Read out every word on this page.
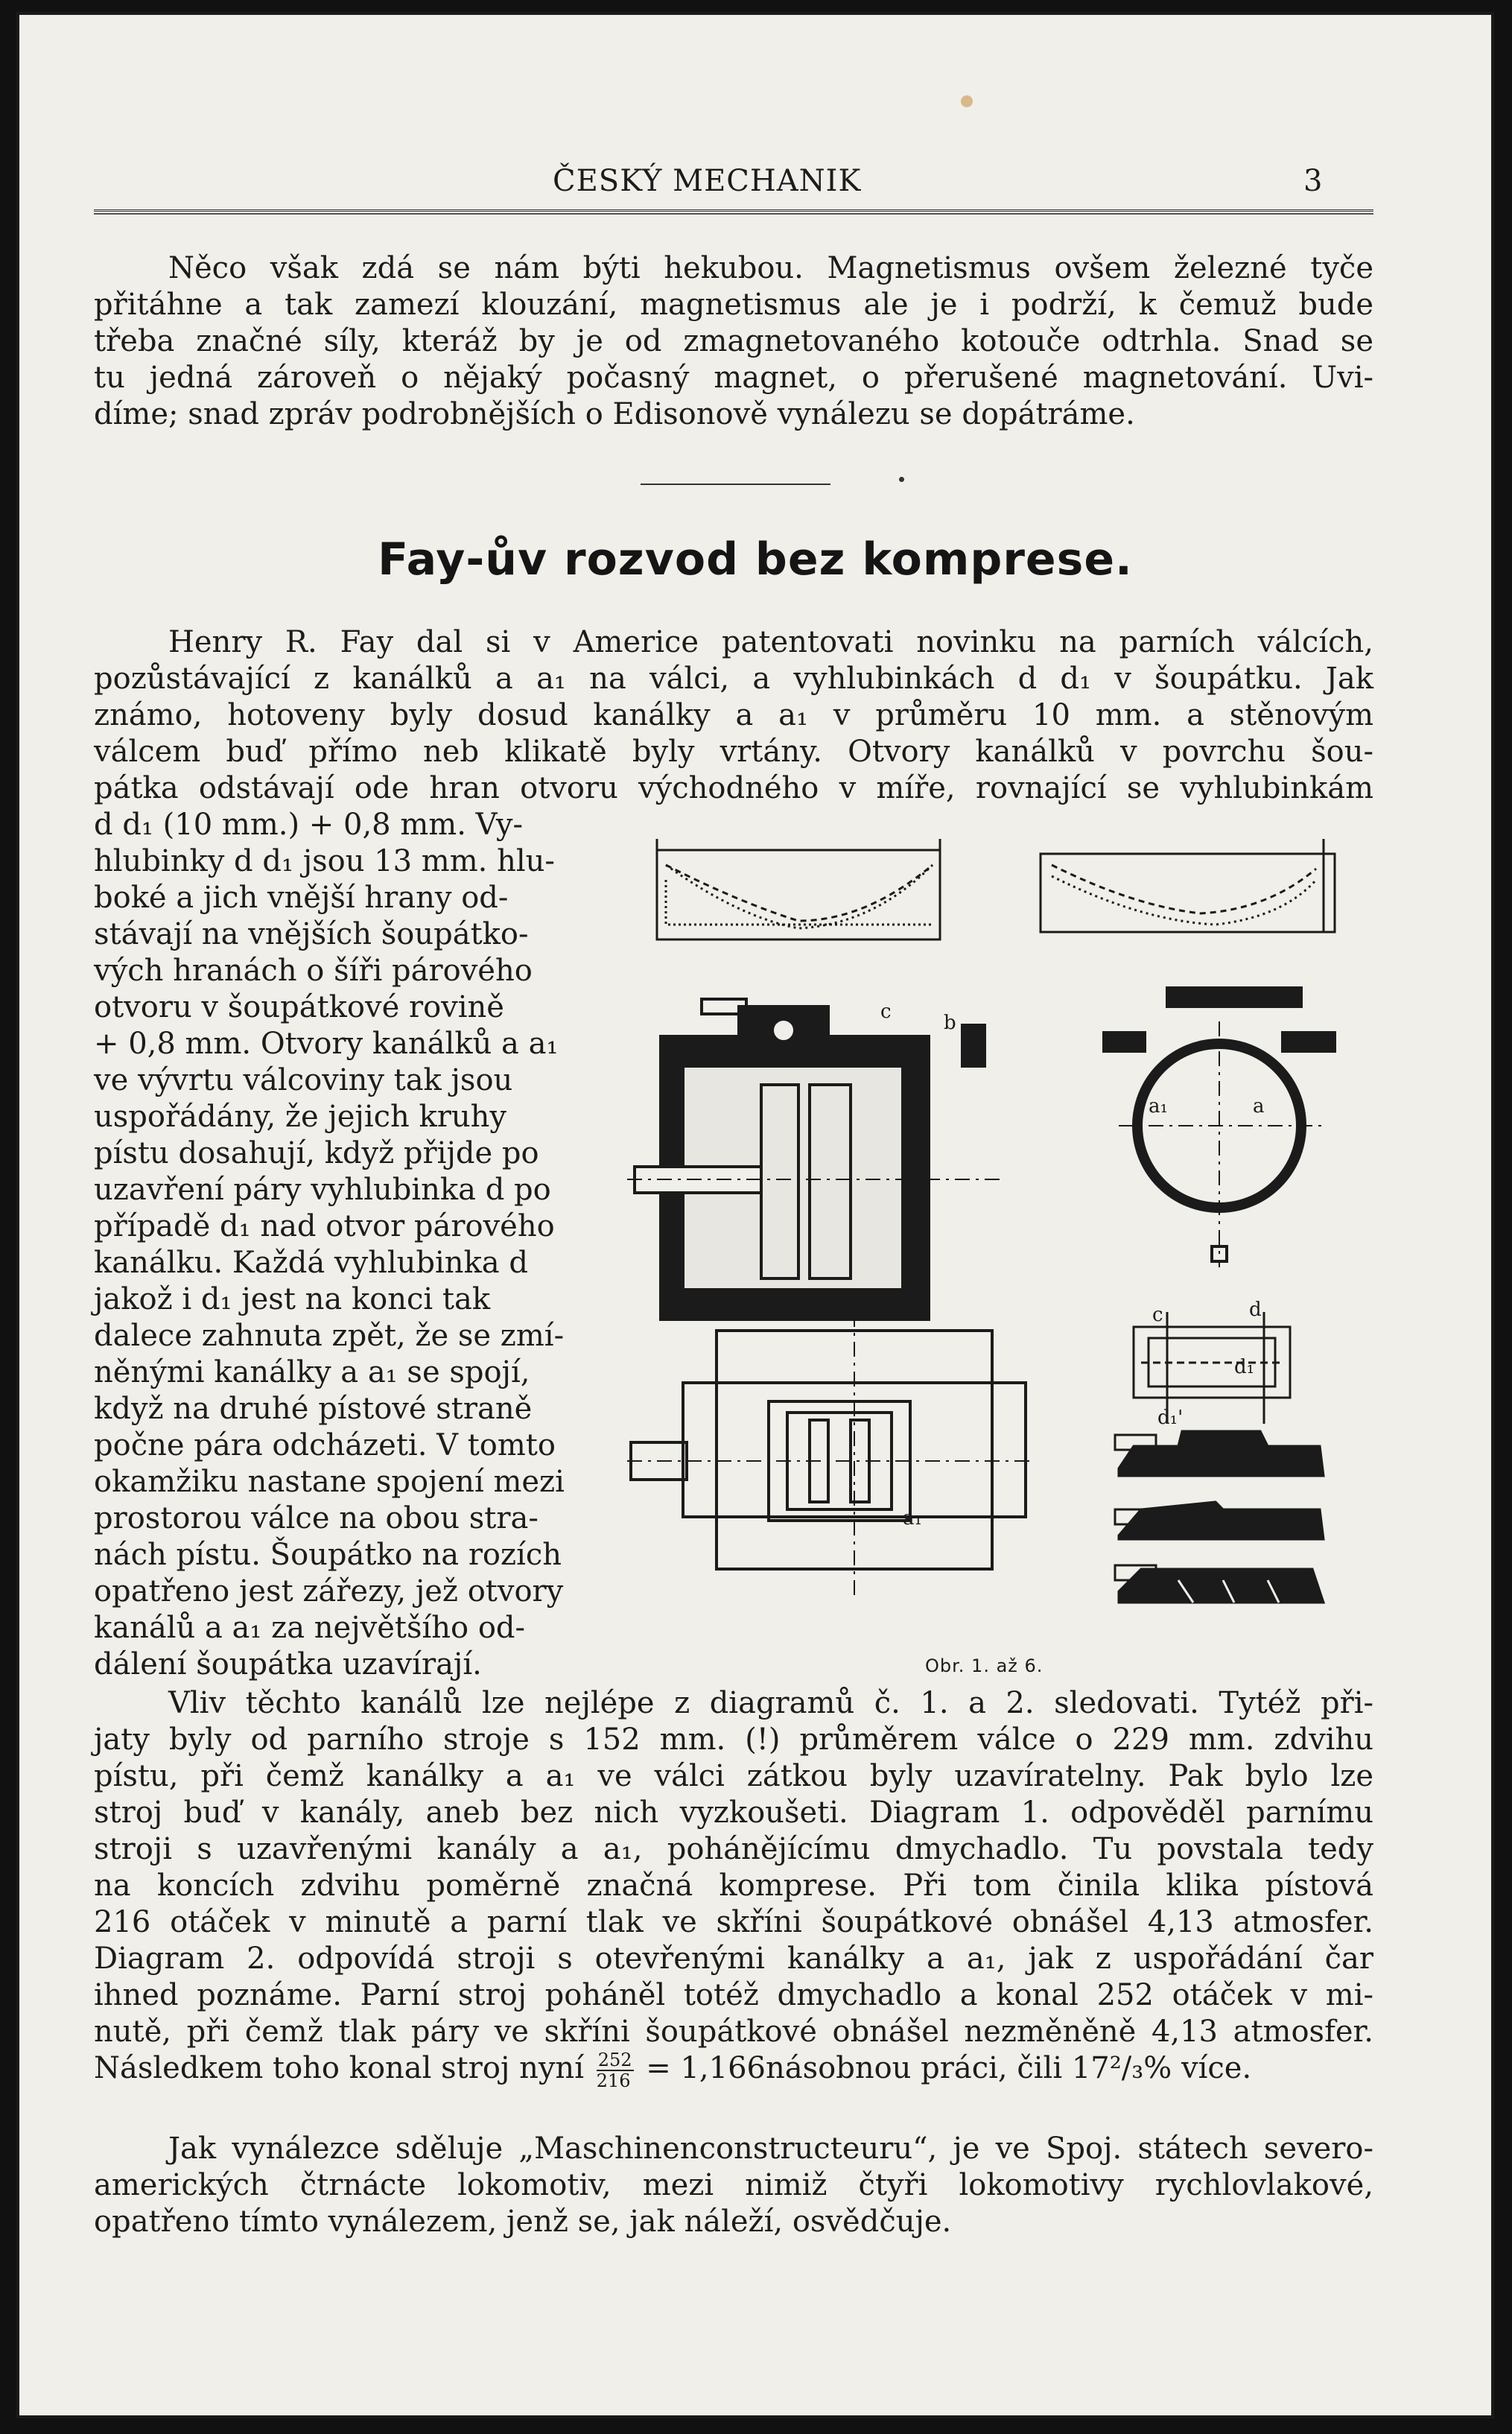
ČESKÝ MECHANIK	3
Něco však zdá se nám býti hekubou. Magnetismus ovšem železné tyče
přitáhne a tak zamezí klouzání, magnetismus ale je i podrží, k čemuž bude
třeba značné síly, kteráž by je od zmagnetovaného kotouče odtrhla. Snad se
tu jedná zároveň o nějaký počasný magnet, o přerušené magnetování. Uvi-
díme; snad zpráv podrobnějších o Edisonově vynálezu se dopátráme.
Fay-ův rozvod bez komprese.
Henry R. Fay dal si v Americe patentovati novinku na parních válcích,
pozůstávající z kanálků a a₁ na válci, a vyhlubinkách d d₁ v šoupátku. Jak
známo, hotoveny byly dosud kanálky a a₁ v průměru 10 mm. a stěnovým
válcem buď přímo neb klikatě byly vrtány. Otvory kanálků v povrchu šou-
pátka odstávají ode hran otvoru východného v míře, rovnající se vyhlubinkám
d d₁ (10 mm.) + 0,8 mm. Vy-
hlubinky d d₁ jsou 13 mm. hlu-
boké a jich vnější hrany od-
stávají na vnějších šoupátko-
vých hranách o šíři párového
otvoru v šoupátkové rovině
+ 0,8 mm. Otvory kanálků a a₁
ve vývrtu válcoviny tak jsou
uspořádány, že jejich kruhy
pístu dosahují, když přijde po
uzavření páry vyhlubinka d po
případě d₁ nad otvor párového
kanálku. Každá vyhlubinka d
jakož i d₁ jest na konci tak
dalece zahnuta zpět, že se zmí-
něnými kanálky a a₁ se spojí,
když na druhé pístové straně
počne pára odcházeti. V tomto
okamžiku nastane spojení mezi
prostorou válce na obou stra-
nách pístu. Šoupátko na rozích
opatřeno jest zářezy, jež otvory
kanálů a a₁ za největšího od-
dálení šoupátka uzavírají.
c	b
a₁	a
c	d
d₁
d₁'
a₁
Obr. 1. až 6.
Vliv těchto kanálů lze nejlépe z diagramů č. 1. a 2. sledovati. Tytéž při-
jaty byly od parního stroje s 152 mm. (!) průměrem válce o 229 mm. zdvihu
pístu, při čemž kanálky a a₁ ve válci zátkou byly uzavíratelny. Pak bylo lze
stroj buď v kanály, aneb bez nich vyzkoušeti. Diagram 1. odpověděl parnímu
stroji s uzavřenými kanály a a₁, pohánějícímu dmychadlo. Tu povstala tedy
na koncích zdvihu poměrně značná komprese. Při tom činila klika pístová
216 otáček v minutě a parní tlak ve skříni šoupátkové obnášel 4,13 atmosfer.
Diagram 2. odpovídá stroji s otevřenými kanálky a a₁, jak z uspořádání čar
ihned poznáme. Parní stroj poháněl totéž dmychadlo a konal 252 otáček v mi-
nutě, při čemž tlak páry ve skříni šoupátkové obnášel nezměněně 4,13 atmosfer.
Následkem toho konal stroj nyní $\frac{252}{216}$ = 1,166násobnou práci, čili 17²/₃% více.
Jak vynálezce sděluje „Maschinenconstructeuru“, je ve Spoj. státech severo-
amerických čtrnácte lokomotiv, mezi nimiž čtyři lokomotivy rychlovlakové,
opatřeno tímto vynálezem, jenž se, jak náleží, osvědčuje.
